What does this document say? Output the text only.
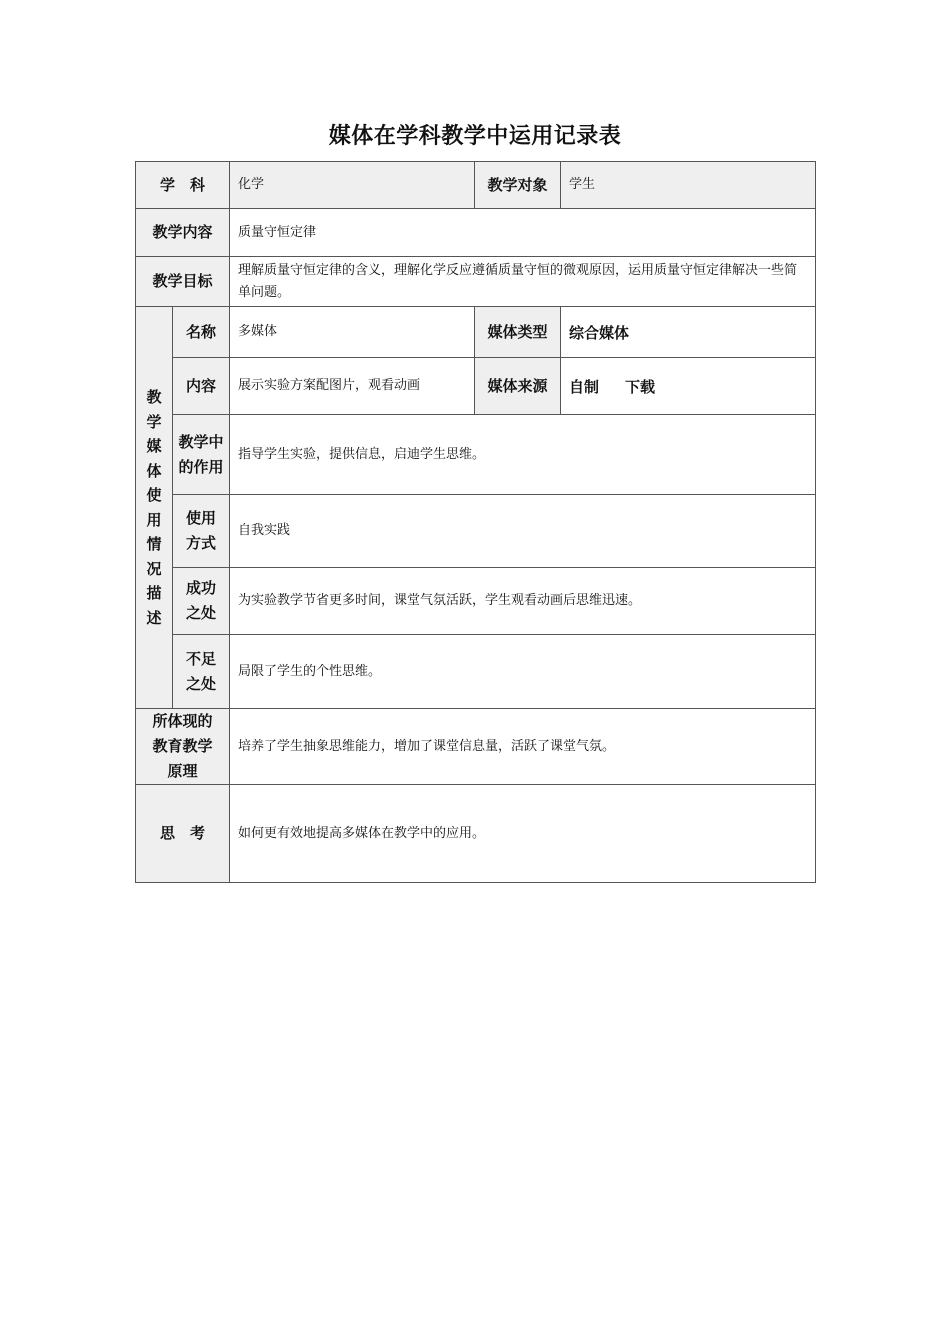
媒体在学科教学中运用记录表
学　科		化学	教学对象	学生
教学内容		质量守恒定律		
教学目标		理解质量守恒定律的含义，理解化学反应遵循质量守恒的微观原因，运用质量守恒定律解决一些简单问题。		

教学媒体使用情况描述	名称	多媒体	媒体类型	综合媒体
	内容	展示实验方案配图片，观看动画	媒体来源	自制 下载

	教学中的作用	指导学生实验，提供信息，启迪学生思维。		

	使用方式	自我实践		

	成功之处	为实验教学节省更多时间，课堂气氛活跃，学生观看动画后思维迅速。		

	不足之处	局限了学生的个性思维。		

所体现的教育教学原理		培养了学生抽象思维能力，增加了课堂信息量，活跃了课堂气氛。		
思　考		如何更有效地提高多媒体在教学中的应用。		
